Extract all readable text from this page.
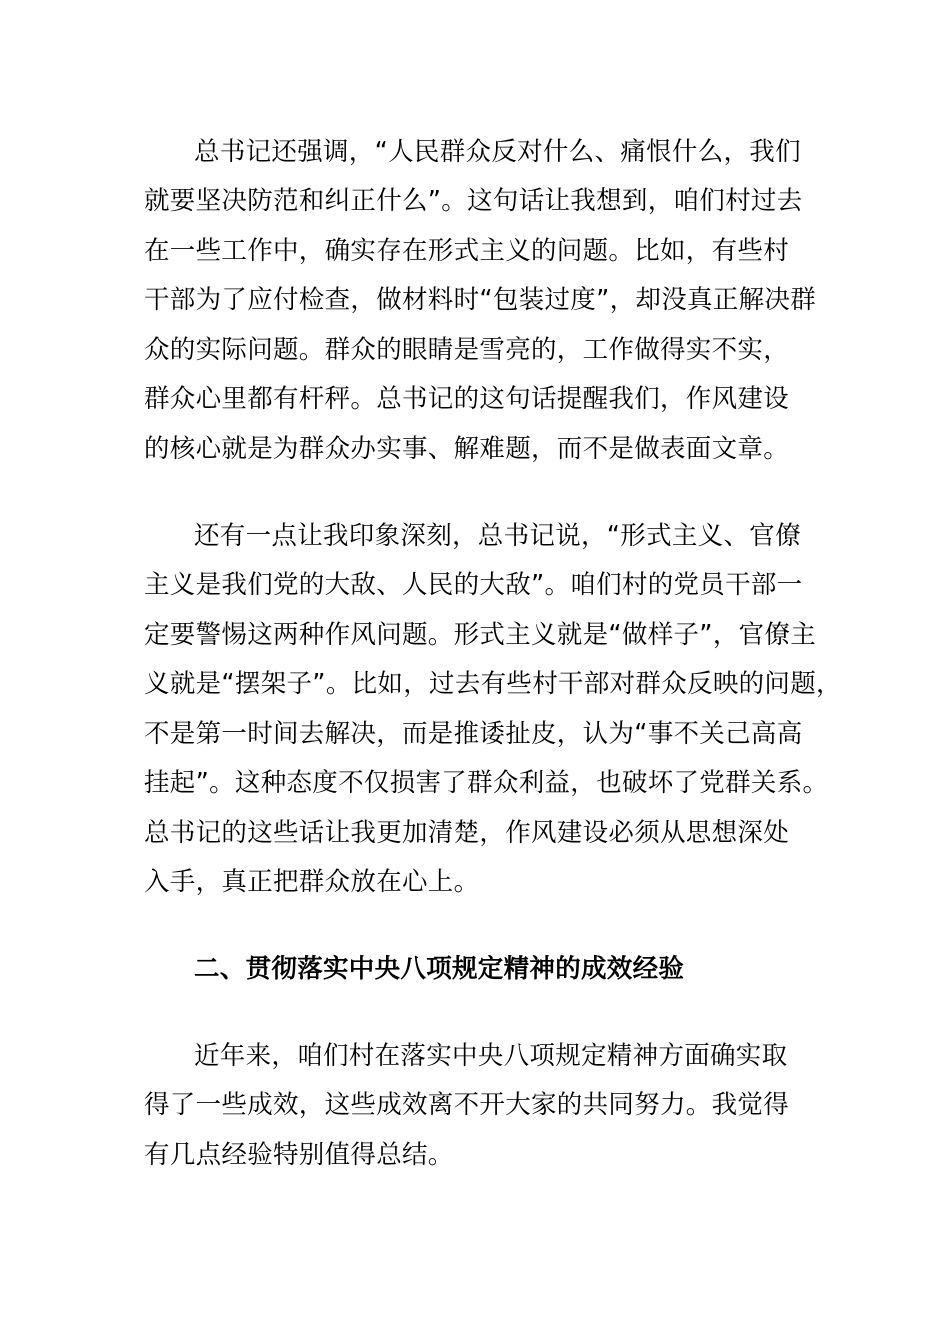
总书记还强调，“人民群众反对什么、痛恨什么，我们
就要坚决防范和纠正什么”。这句话让我想到，咱们村过去
在一些工作中，确实存在形式主义的问题。比如，有些村
干部为了应付检查，做材料时“包装过度”，却没真正解决群
众的实际问题。群众的眼睛是雪亮的，工作做得实不实，
群众心里都有杆秤。总书记的这句话提醒我们，作风建设
的核心就是为群众办实事、解难题，而不是做表面文章。
还有一点让我印象深刻，总书记说，“形式主义、官僚
主义是我们党的大敌、人民的大敌”。咱们村的党员干部一
定要警惕这两种作风问题。形式主义就是“做样子”，官僚主
义就是“摆架子”。比如，过去有些村干部对群众反映的问题，
不是第一时间去解决，而是推诿扯皮，认为“事不关己高高
挂起”。这种态度不仅损害了群众利益，也破坏了党群关系。
总书记的这些话让我更加清楚，作风建设必须从思想深处
入手，真正把群众放在心上。
二、贯彻落实中央八项规定精神的成效经验
近年来，咱们村在落实中央八项规定精神方面确实取
得了一些成效，这些成效离不开大家的共同努力。我觉得
有几点经验特别值得总结。
